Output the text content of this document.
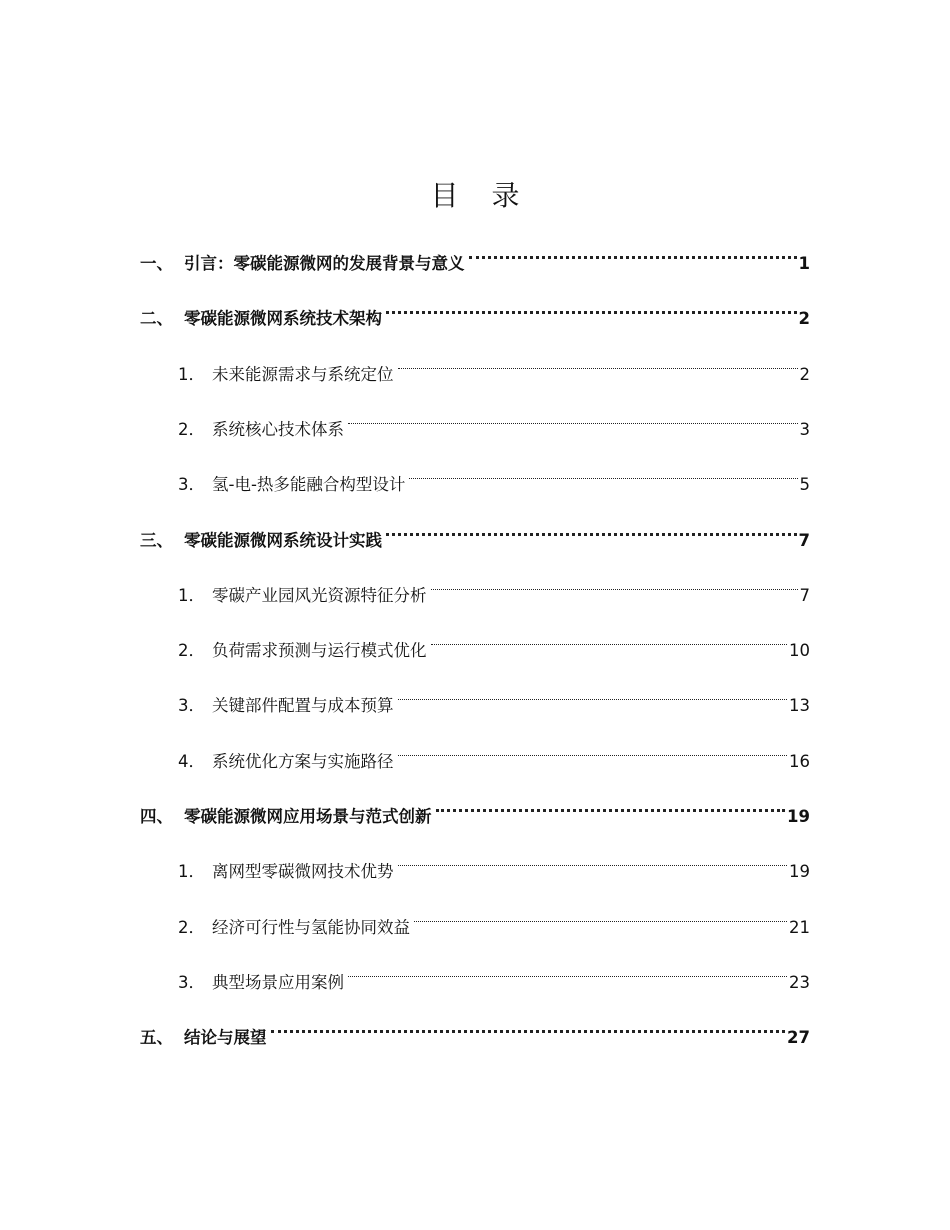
目 录
一、 引言：零碳能源微网的发展背景与意义	1
二、 零碳能源微网系统技术架构	2
1． 未来能源需求与系统定位	2
2． 系统核心技术体系	3
3． 氢-电-热多能融合构型设计	5
三、 零碳能源微网系统设计实践	7
1． 零碳产业园风光资源特征分析	7
2． 负荷需求预测与运行模式优化	10
3． 关键部件配置与成本预算	13
4． 系统优化方案与实施路径	16
四、 零碳能源微网应用场景与范式创新	19
1． 离网型零碳微网技术优势	19
2． 经济可行性与氢能协同效益	21
3． 典型场景应用案例	23
五、 结论与展望	27
